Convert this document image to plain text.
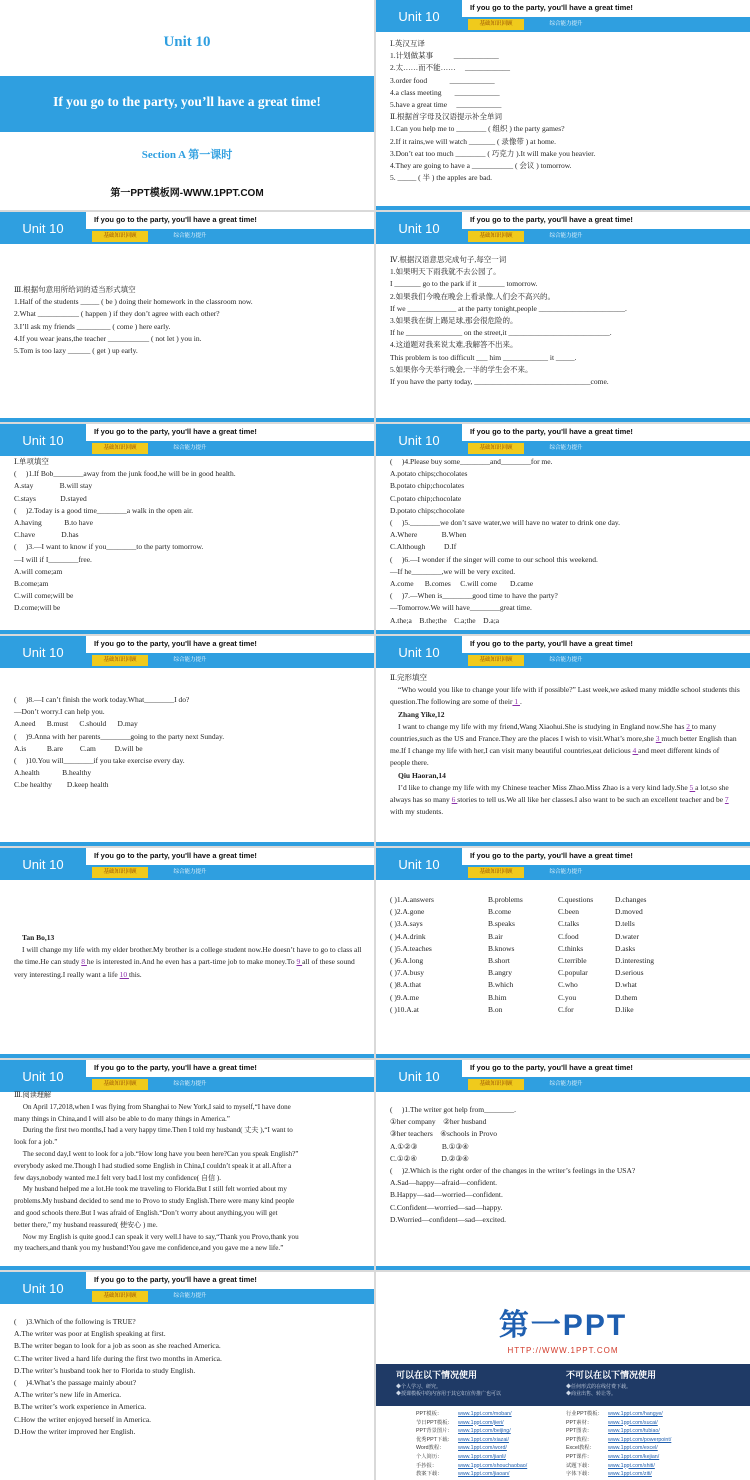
Unit 10
If you go to the party, you’ll have a great time!
Section A 第一课时
第一PPT模板网-WWW.1PPT.COM
Unit 10
If you go to the party, you'll have a great time!
基础知识回顾	综合能力提升
-2-

Ⅰ.英汉互译

1.计划做某事           ____________

2.太……而不能……     ____________

3.order food            ____________

4.a class meeting       ____________

5.have a great time     ____________

Ⅱ.根据首字母及汉语提示补全单词

1.Can you help me to ________ ( 组织 ) the party games?

2.If it rains,we will watch _______ ( 录像带 ) at home.

3.Don’t eat too much ________ ( 巧克力 ).It will make you heavier.

4.They are going to have a ___________ ( 会议 ) tomorrow.

5. _____ ( 半 ) the apples are bad.

Unit 10
If you go to the party, you'll have a great time!
基础知识回顾	综合能力提升
-3-

Ⅲ.根据句意用所给词的适当形式填空

1.Half of the students _____ ( be ) doing their homework in the classroom now.

2.What ___________ ( happen ) if they don’t agree with each other?

3.I’ll ask my friends _________ ( come ) here early.

4.If you wear jeans,the teacher ___________ ( not let ) you in.

5.Tom is too lazy ______ ( get ) up early.

Unit 10
If you go to the party, you'll have a great time!
基础知识回顾	综合能力提升
-4-

Ⅳ.根据汉语意思完成句子,每空一词

1.如果明天下雨我就不去公园了。

I _______ go to the park if it _______ tomorrow.

2.如果我们今晚在晚会上看录像,人们会不高兴的。

If we _____________ at the party tonight,people _______________________.

3.如果我在街上踢足球,那会很危险的。

If he _______________ on the street,it ___________________________.

4.这道题对我来说太难,我解答不出来。

This problem is too difficult ___ him ____________ it _____.

5.如果你今天举行晚会,一半的学生会不来。

If you have the party today, _______________________________come.

Unit 10
If you go to the party, you'll have a great time!
基础知识回顾	综合能力提升
-5-

Ⅰ.单项填空

(     )1.If Bob________away from the junk food,he will be in good health.

A.stay              B.will stay

C.stays             D.stayed

(     )2.Today is a good time________a walk in the open air.

A.having            B.to have

C.have              D.has

(     )3.—I want to know if you________to the party tomorrow.

—I will if I________free.

A.will come;am

B.come;am

C.will come;will be

D.come;will be

Unit 10
If you go to the party, you'll have a great time!
基础知识回顾	综合能力提升
-6-

(     )4.Please buy some________and________for me.

A.potato chips;chocolates

B.potato chip;chocolates

C.potato chip;chocolate

D.potato chips;chocolate

(     )5.________we don’t save water,we will have no water to drink one day.

A.Where             B.When

C.Although          D.If

(     )6.—I wonder if the singer will come to our school this weekend.

—If he________,we will be very excited.

A.come      B.comes     C.will come       D.came

(     )7.—When is________good time to have the party?

—Tomorrow.We will have________great time.

A.the;a    B.the;the    C.a;the    D.a;a

Unit 10
If you go to the party, you'll have a great time!
基础知识回顾	综合能力提升
-7-

(     )8.—I can’t finish the work today.What________I do?

—Don’t worry.I can help you.

A.need      B.must      C.should      D.may

(     )9.Anna with her parents________going to the party next Sunday.

A.is           B.are         C.am          D.will be

(     )10.You will________if you take exercise every day.

A.health            B.healthy

C.be healthy        D.keep health

Unit 10
If you go to the party, you'll have a great time!
基础知识回顾	综合能力提升
-8-
Ⅱ.完形填空
“Who would you like to change your life with if possible?” Last week,we asked many middle school students this question.The following are some of their 1 .
Zhang Yike,12
I want to change my life with my friend,Wang Xiaohui.She is studying in England now.She has 2 to many countries,such as the US and France.They are the places I wish to visit.What’s more,she 3 much better English than me.If I change my life with her,I can visit many beautiful countries,eat delicious 4 and meet different kinds of people there.
Qiu Haoran,14
I’d like to change my life with my Chinese teacher Miss Zhao.Miss Zhao is a very kind lady.She 5 a lot,so she always has so many 6 stories to tell us.We all like her classes.I also want to be such an excellent teacher and be 7 with my students.
Unit 10
If you go to the party, you'll have a great time!
基础知识回顾	综合能力提升
-9-
Tan Bo,13
I will change my life with my elder brother.My brother is a college student now.He doesn’t have to go to class all the time.He can study 8 he is interested in.And he even has a part-time job to make money.To 9 all of these sound very interesting.I really want a life 10 this.
Unit 10
If you go to the party, you'll have a great time!
基础知识回顾	综合能力提升
-10-

( )1.A.answers	B.problems	C.questions	D.changes

( )2.A.gone	B.come	C.been	D.moved

( )3.A.says	B.speaks	C.talks	D.tells

( )4.A.drink	B.air	C.food	D.water

( )5.A.teaches	B.knows	C.thinks	D.asks

( )6.A.long	B.short	C.terrible	D.interesting

( )7.A.busy	B.angry	C.popular	D.serious

( )8.A.that	B.which	C.who	D.what

( )9.A.me	B.him	C.you	D.them

( )10.A.at	B.on	C.for	D.like

Unit 10
If you go to the party, you'll have a great time!
基础知识回顾	综合能力提升
-11-

Ⅲ.阅读理解

On April 17,2018,when I was flying from Shanghai to New York,I said to myself,“I have done

many things in China,and I will also be able to do many things in America.”

During the first two months,I had a very happy time.Then I told my husband( 丈夫 ),“I want to

look for a job.”

The second day,I went to look for a job.“How long have you been here?Can you speak English?”

everybody asked me.Though I had studied some English in China,I couldn’t speak it at all.After a

few days,nobody wanted me.I felt very bad.I lost my confidence( 自信 ).

My husband helped me a lot.He took me traveling to Florida.But I still felt worried about my

problems.My husband decided to send me to Provo to study English.There were many kind people

and good schools there.But I was afraid of English.“Don’t worry about anything,you will get

better there,” my husband reassured( 使安心 ) me.

Now my English is quite good.I can speak it very well.I have to say,“Thank you Provo,thank you

my teachers,and thank you my husband!You gave me confidence,and you gave me a new life.”

Unit 10
If you go to the party, you'll have a great time!
基础知识回顾	综合能力提升
-12-

(     )1.The writer got help from________.

①her company    ②her husband

③her teachers    ④schools in Provo

A.①②③             B.①③④

C.①②④             D.②③④

(     )2.Which is the right order of the changes in the writer’s feelings in the USA?

A.Sad—happy—afraid—confident.

B.Happy—sad—worried—confident.

C.Confident—worried—sad—happy.

D.Worried—confident—sad—excited.

Unit 10
If you go to the party, you'll have a great time!
基础知识回顾	综合能力提升
-13-

(     )3.Which of the following is TRUE?

A.The writer was poor at English speaking at first.

B.The writer began to look for a job as soon as she reached America.

C.The writer lived a hard life during the first two months in America.

D.The writer’s husband took her to Florida to study English.

(     )4.What’s the passage mainly about?

A.The writer’s new life in America.

B.The writer’s work experience in America.

C.How the writer enjoyed herself in America.

D.How the writer improved her English.

第一PPT
HTTP://WWW.1PPT.COM
可以在以下情况使用
◆个人学习、研究。
◆授课模板中的内容用于其它如宣传推广也可以
不可以在以下情况使用
◆任何形式的在线付费下载。
◆商业出售、转让等。
PPT模板：	www.1ppt.com/moban/	行业PPT模板： www.1ppt.com/hangye/
节日PPT模板： www.1ppt.com/jieri/	PPT素材：	www.1ppt.com/sucai/
PPT背景图片： www.1ppt.com/beijing/	PPT图表：	www.1ppt.com/tubiao/
优秀PPT下载： www.1ppt.com/xiazai/	PPT教程：	www.1ppt.com/powerpoint/
Word教程：	www.1ppt.com/word/	Excel教程： www.1ppt.com/excel/
个人简历：	www.1ppt.com/jianli/	PPT课件：	www.1ppt.com/kejian/
手抄报：	www.1ppt.com/shouchaobao/	试题下载：	www.1ppt.com/shiti/
教案下载：	www.1ppt.com/jiaoan/	字体下载：	www.1ppt.com/ziti/
